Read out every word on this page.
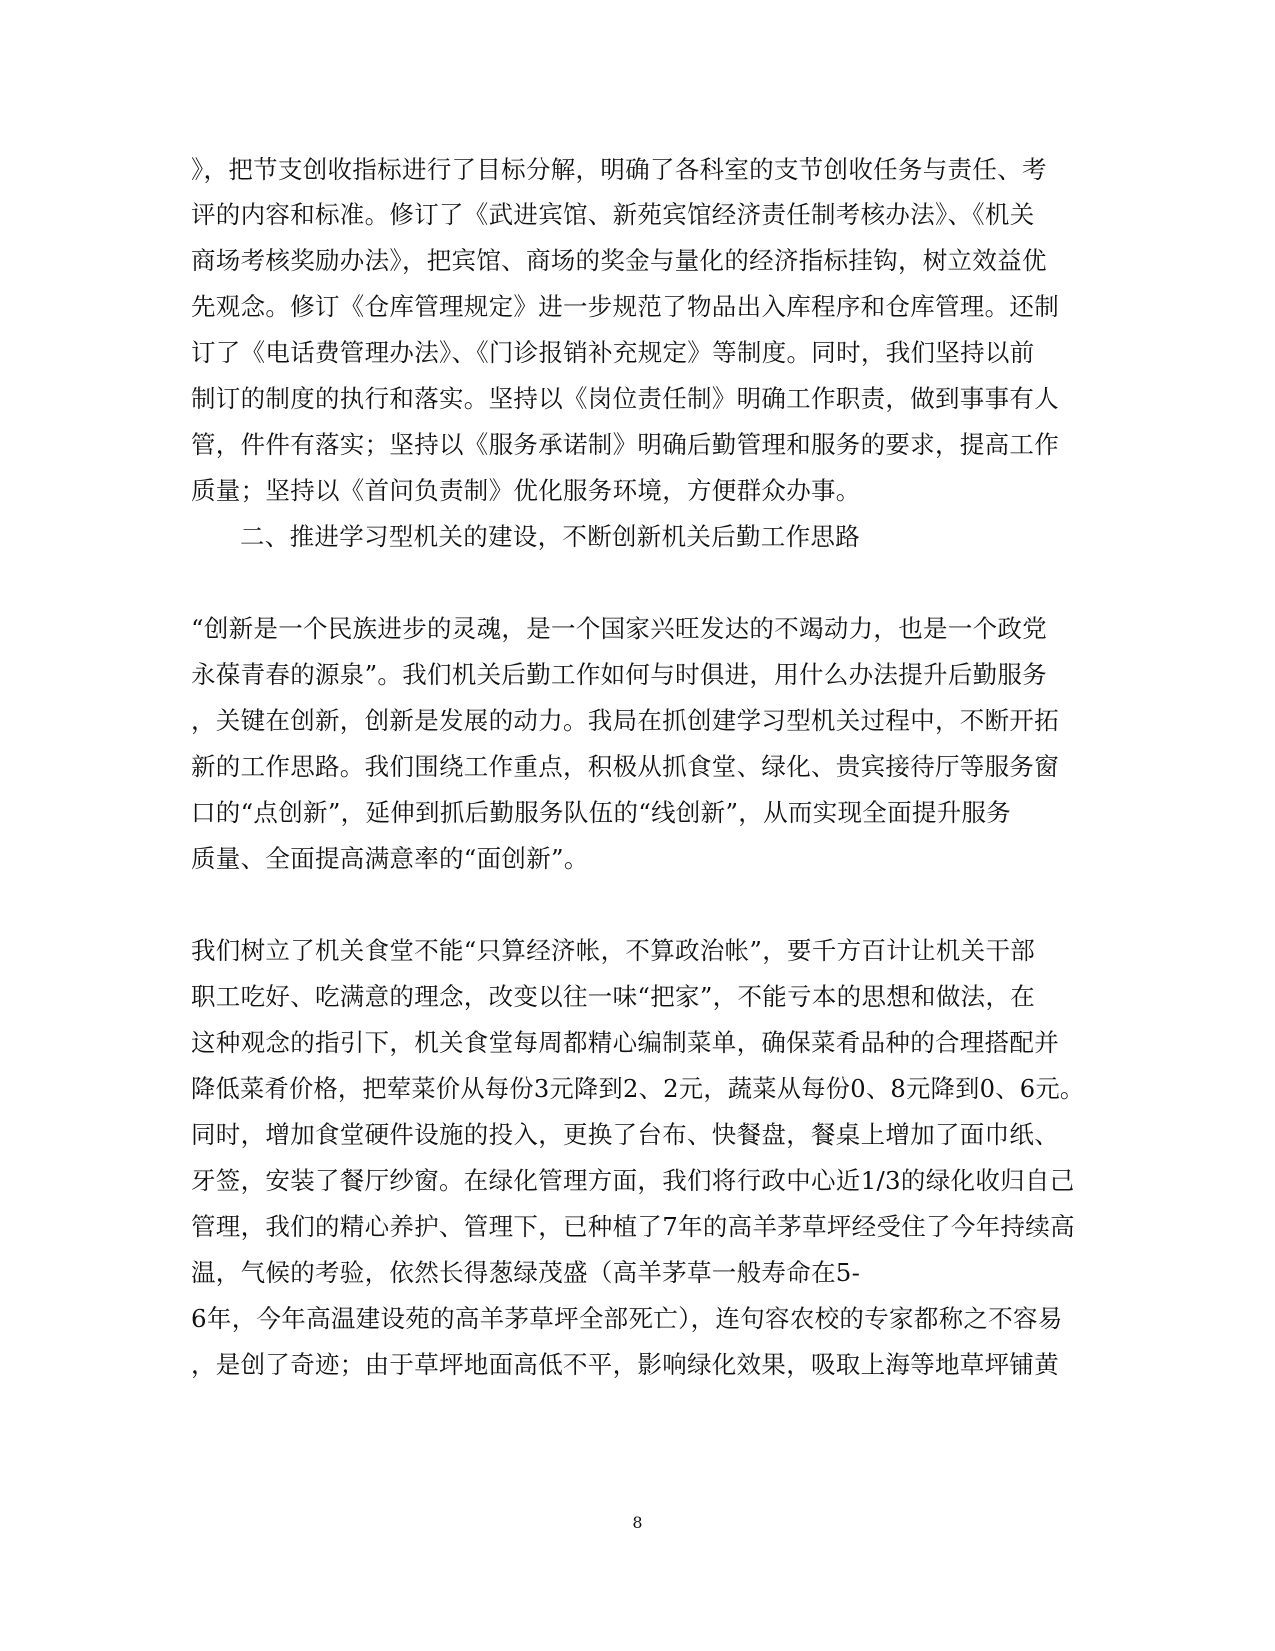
》，把节支创收指标进行了目标分解，明确了各科室的支节创收任务与责任、考
评的内容和标准。修订了《武进宾馆、新苑宾馆经济责任制考核办法》、《机关
商场考核奖励办法》，把宾馆、商场的奖金与量化的经济指标挂钩，树立效益优
先观念。修订《仓库管理规定》进一步规范了物品出入库程序和仓库管理。还制
订了《电话费管理办法》、《门诊报销补充规定》等制度。同时，我们坚持以前
制订的制度的执行和落实。坚持以《岗位责任制》明确工作职责，做到事事有人
管，件件有落实；坚持以《服务承诺制》明确后勤管理和服务的要求，提高工作
质量；坚持以《首问负责制》优化服务环境，方便群众办事。
二、推进学习型机关的建设，不断创新机关后勤工作思路
“创新是一个民族进步的灵魂，是一个国家兴旺发达的不竭动力，也是一个政党
永葆青春的源泉”。我们机关后勤工作如何与时俱进，用什么办法提升后勤服务
，关键在创新，创新是发展的动力。我局在抓创建学习型机关过程中，不断开拓
新的工作思路。我们围绕工作重点，积极从抓食堂、绿化、贵宾接待厅等服务窗
口的“点创新”，延伸到抓后勤服务队伍的“线创新”，从而实现全面提升服务
质量、全面提高满意率的“面创新”。
我们树立了机关食堂不能“只算经济帐，不算政治帐”，要千方百计让机关干部
职工吃好、吃满意的理念，改变以往一味“把家”，不能亏本的思想和做法，在
这种观念的指引下，机关食堂每周都精心编制菜单，确保菜肴品种的合理搭配并
降低菜肴价格，把荤菜价从每份3元降到2、2元，蔬菜从每份0、8元降到0、6元。
同时，增加食堂硬件设施的投入，更换了台布、快餐盘，餐桌上增加了面巾纸、
牙签，安装了餐厅纱窗。在绿化管理方面，我们将行政中心近1/3的绿化收归自己
管理，我们的精心养护、管理下，已种植了7年的高羊茅草坪经受住了今年持续高
温，气候的考验，依然长得葱绿茂盛（高羊茅草一般寿命在5-
6年，今年高温建设苑的高羊茅草坪全部死亡），连句容农校的专家都称之不容易
，是创了奇迹；由于草坪地面高低不平，影响绿化效果，吸取上海等地草坪铺黄
8
